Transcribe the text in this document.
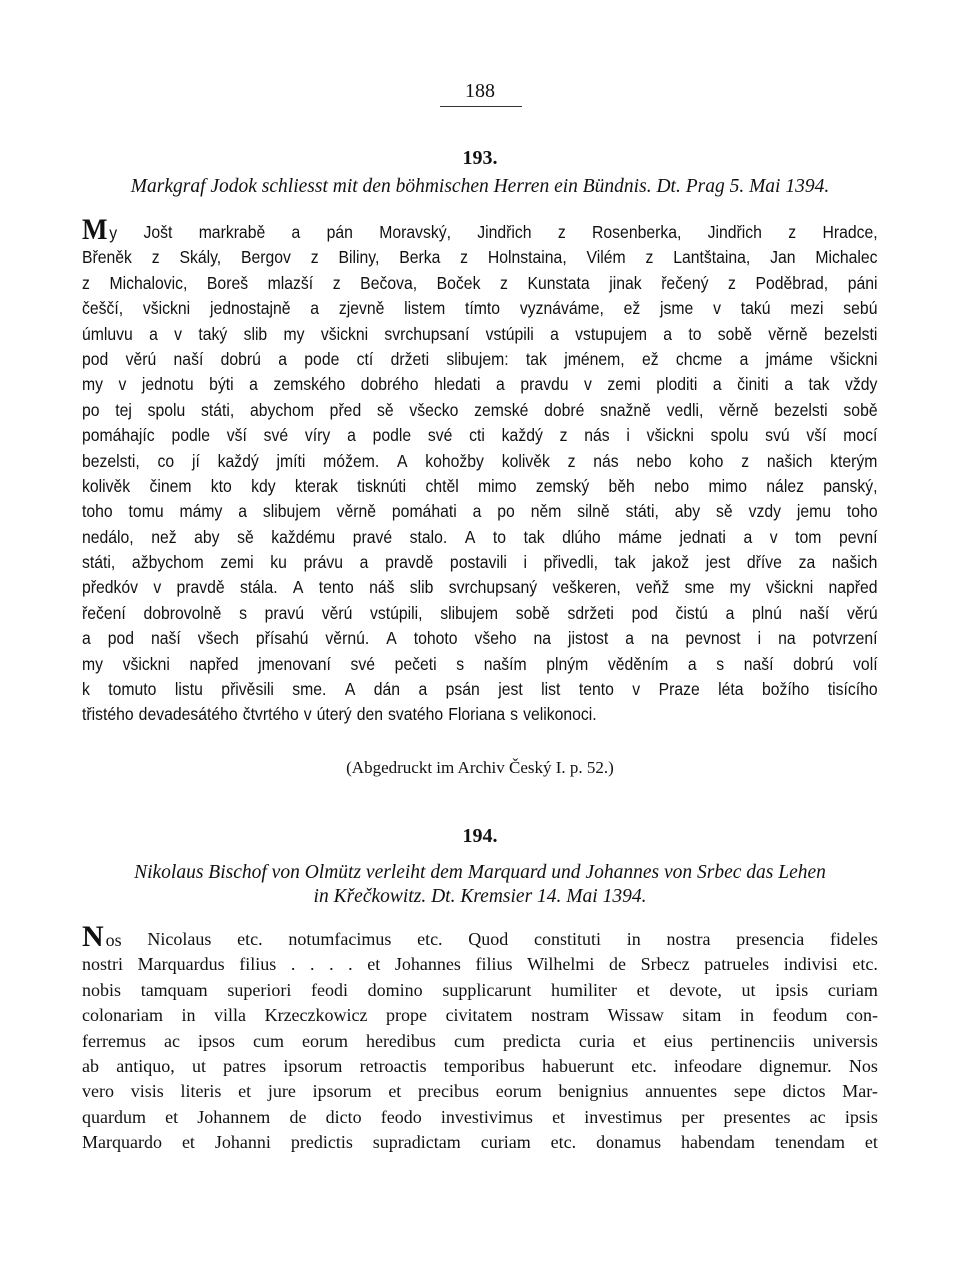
188
193.
Markgraf Jodok schliesst mit den böhmischen Herren ein Bündnis. Dt. Prag 5. Mai 1394.
My Jošt markrabě a pán Moravský, Jindřich z Rosenberka, Jindřich z Hradce,
Břeněk z Skály, Bergov z Biliny, Berka z Holnstaina, Vilém z Lantštaina, Jan Michalec
z Michalovic, Boreš mlazší z Bečova, Boček z Kunstata jinak řečený z Poděbrad, páni
češčí, všickni jednostajně a zjevně listem tímto vyznáváme, ež jsme v takú mezi sebú
úmluvu a v taký slib my všickni svrchupsaní vstúpili a vstupujem a to sobě věrně bezelsti
pod věrú naší dobrú a pode ctí držeti slibujem: tak jménem, ež chcme a jmáme všickni
my v jednotu býti a zemského dobrého hledati a pravdu v zemi ploditi a činiti a tak vždy
po tej spolu státi, abychom před sě všecko zemské dobré snažně vedli, věrně bezelsti sobě
pomáhajíc podle vší své víry a podle své cti každý z nás i všickni spolu svú vší mocí
bezelsti, co jí každý jmíti móžem. A kohožby kolivěk z nás nebo koho z našich kterým
kolivěk činem kto kdy kterak tisknúti chtěl mimo zemský běh nebo mimo nález panský,
toho tomu mámy a slibujem věrně pomáhati a po něm silně státi, aby sě vzdy jemu toho
nedálo, než aby sě každému pravé stalo. A to tak dlúho máme jednati a v tom pevní
státi, ažbychom zemi ku právu a pravdě postavili i přivedli, tak jakož jest dříve za našich
předkóv v pravdě stála. A tento náš slib svrchupsaný veškeren, veňž sme my všickni napřed
řečení dobrovolně s pravú věrú vstúpili, slibujem sobě sdržeti pod čistú a plnú naší věrú
a pod naší všech přísahú věrnú. A tohoto všeho na jistost a na pevnost i na potvrzení
my všickni napřed jmenovaní své pečeti s naším plným věděním a s naší dobrú volí
k tomuto listu přivěsili sme. A dán a psán jest list tento v Praze léta božího tisícího
třistého devadesátého čtvrtého v úterý den svatého Floriana s velikonoci.
(Abgedruckt im Archiv Český I. p. 52.)
194.
Nikolaus Bischof von Olmütz verleiht dem Marquard und Johannes von Srbec das Lehen
in Křečkowitz. Dt. Kremsier 14. Mai 1394.
Nos Nicolaus etc. notumfacimus etc. Quod constituti in nostra presencia fideles
nostri Marquardus filius . . . . et Johannes filius Wilhelmi de Srbecz patrueles indivisi etc.
nobis tamquam superiori feodi domino supplicarunt humiliter et devote, ut ipsis curiam
colonariam in villa Krzeczkowicz prope civitatem nostram Wissaw sitam in feodum con-
ferremus ac ipsos cum eorum heredibus cum predicta curia et eius pertinenciis universis
ab antiquo, ut patres ipsorum retroactis temporibus habuerunt etc. infeodare dignemur. Nos
vero visis literis et jure ipsorum et precibus eorum benignius annuentes sepe dictos Mar-
quardum et Johannem de dicto feodo investivimus et investimus per presentes ac ipsis
Marquardo et Johanni predictis supradictam curiam etc. donamus habendam tenendam et
